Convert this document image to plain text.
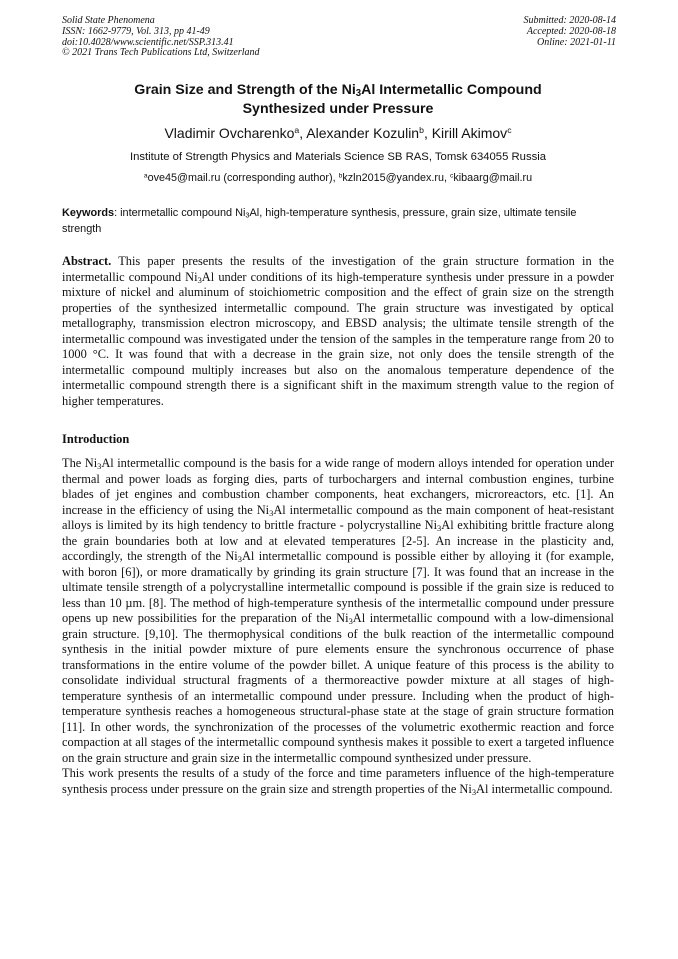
Solid State Phenomena
ISSN: 1662-9779, Vol. 313, pp 41-49
doi:10.4028/www.scientific.net/SSP.313.41
© 2021 Trans Tech Publications Ltd, Switzerland
Submitted: 2020-08-14
Accepted: 2020-08-18
Online: 2021-01-11
Grain Size and Strength of the $Ni_3Al$ Intermetallic Compound
Synthesized under Pressure
Vladimir Ovcharenko$^a$, Alexander Kozulin$^b$, Kirill Akimov$^c$
Institute of Strength Physics and Materials Science SB RAS, Tomsk 634055 Russia
$^a$ove45@mail.ru (corresponding author), $^b$kzln2015@yandex.ru, $^c$kibaarg@mail.ru
Keywords: intermetallic compound $Ni_3Al$, high-temperature synthesis, pressure, grain size, ultimate tensile strength
Abstract. This paper presents the results of the investigation of the grain structure formation in the intermetallic compound $Ni_3Al$ under conditions of its high-temperature synthesis under pressure in a powder mixture of nickel and aluminum of stoichiometric composition and the effect of grain size on the strength properties of the synthesized intermetallic compound. The grain structure was investigated by optical metallography, transmission electron microscopy, and EBSD analysis; the ultimate tensile strength of the intermetallic compound was investigated under the tension of the samples in the temperature range from 20 to 1000 °C. It was found that with a decrease in the grain size, not only does the tensile strength of the intermetallic compound multiply increases but also on the anomalous temperature dependence of the intermetallic compound strength there is a significant shift in the maximum strength value to the region of higher temperatures.
Introduction

The $Ni_3Al$ intermetallic compound is the basis for a wide range of modern alloys intended for operation under thermal and power loads as forging dies, parts of turbochargers and internal combustion engines, turbine blades of jet engines and combustion chamber components, heat exchangers, microreactors, etc. [1]. An increase in the efficiency of using the $Ni_3Al$ intermetallic compound as the main component of heat-resistant alloys is limited by its high tendency to brittle fracture - polycrystalline $Ni_3Al$ exhibiting brittle fracture along the grain boundaries both at low and at elevated temperatures [2-5]. An increase in the plasticity and, accordingly, the strength of the $Ni_3Al$ intermetallic compound is possible either by alloying it (for example, with boron [6]), or more dramatically by grinding its grain structure [7]. It was found that an increase in the ultimate tensile strength of a polycrystalline intermetallic compound is possible if the grain size is reduced to less than 10 µm. [8]. The method of high-temperature synthesis of the intermetallic compound under pressure opens up new possibilities for the preparation of the $Ni_3Al$ intermetallic compound with a low-dimensional grain structure. [9,10]. The thermophysical conditions of the bulk reaction of the intermetallic compound synthesis in the initial powder mixture of pure elements ensure the synchronous occurrence of phase transformations in the entire volume of the powder billet. A unique feature of this process is the ability to consolidate individual structural fragments of a thermoreactive powder mixture at all stages of high-temperature synthesis of an intermetallic compound under pressure. Including when the product of high-temperature synthesis reaches a homogeneous structural-phase state at the stage of grain structure formation [11]. In other words, the synchronization of the processes of the volumetric exothermic reaction and force compaction at all stages of the intermetallic compound synthesis makes it possible to exert a targeted influence on the grain structure and grain size in the intermetallic compound synthesized under pressure.

This work presents the results of a study of the force and time parameters influence of the high-temperature synthesis process under pressure on the grain size and strength properties of the $Ni_3Al$ intermetallic compound.
